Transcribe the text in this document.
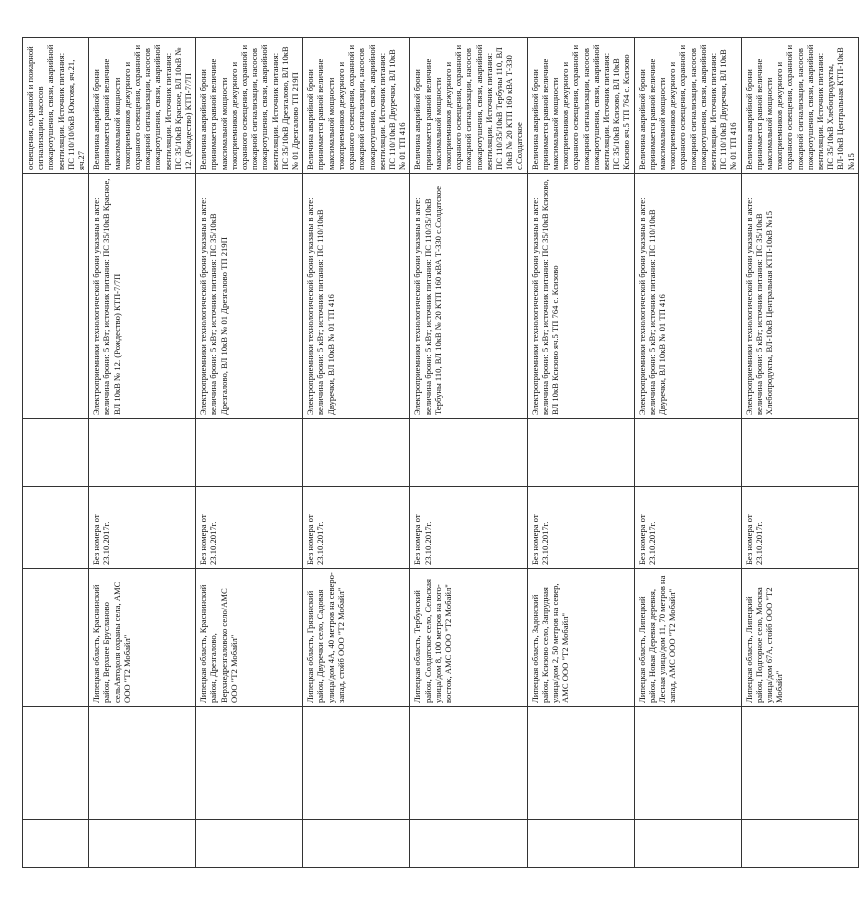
						освещения, охранной и пожарной сигнализации, насосов пожаротушения, связи, аварийной вентиляции. Источник питания: ПС 110/10/6кВ Юкговя, яч.21, яч.27
		Липецкая область, Краснинский район, Верхнее Брусланово сельАвтодоля охраны села, АМС ООО "Т2 Мобайл"	Без номера от 23.10.2017г.		Электроприемники технологической брони указаны в акте: величина брони: 5 кВт; источник питания: ПС 35/10кВ Красное, ВЛ 10кВ № 12. (Рождество) КТП-7/7П	Величина аварийной брони принимается равной величине максимальной мощности токоприемников дежурного и охранного освещения, охранной и пожарной сигнализации, насосов пожаротушения, связи, аварийной вентиляции. Источник питания: ПС 35/10кВ Красное, ВЛ 10кВ № 12. (Рождество) КТП-7/7П
		Липецкая область, Краснинский район, Дрезгалово, Верхнедрезгаловско село/АМС ООО "Т2 Мобайл"	Без номера от 23.10.2017г.		Электроприемники технологической брони указаны в акте: величина брони: 5 кВт; источник питания: ПС 35/10кВ Дрезгалово, ВЛ 10кВ № 01 Дрезгалово ТП 219П	Величина аварийной брони принимается равной величине максимальной мощности токоприемников дежурного и охранного освещения, охранной и пожарной сигнализации, насосов пожаротушения, связи, аварийной вентиляции. Источник питания: ПС 35/10кВ Дрезгалово, ВЛ 10кВ № 01 Дрезгалово ТП 219П
		Липецкая область, Грязинский район, Двуречки село, Садовая улица/дом 4А, 40 метров на северо-запад, стойб ООО "Т2 Мобайл"	Без номера от 23.10.2017г.		Электроприемники технологической брони указаны в акте: величина брони: 5 кВт; источник питания: ПС 110/10кВ Двуречки, ВЛ 10кВ № 01 ТП 416	Величина аварийной брони принимается равной величине максимальной мощности токоприемников дежурного и охранного освещения, охранной и пожарной сигнализации, насосов пожаротушения, связи, аварийной вентиляции. Источник питания: ПС 110/10кВ Двуречки, ВЛ 10кВ № 01 ТП 416
		Липецкая область, Тербунский район, Солдатское село, Сельская улица/дом 8, 100 метров на юго-восток, АМС ООО "Т2 Мобайл"	Без номера от 23.10.2017г.		Электроприемники технологической брони указаны в акте: величина брони: 5 кВт; источник питания: ПС 110/35/10кВ Тербуны 110, ВЛ 10кВ № 20 КТП 160 кВА Т-330 с.Солдатское	Величина аварийной брони принимается равной величине максимальной мощности токоприемников дежурного и охранного освещения, охранной и пожарной сигнализации, насосов пожаротушения, связи, аварийной вентиляции. Источник питания: ПС 110/35/10кВ Тербуны 110, ВЛ 10кВ № 20 КТП 160 кВА Т-330 с.Солдатское
		Липецкая область, Задонский район, Ксизово село, Запрудная улица/дом 2, 50 метров на север, АМС ООО "Т2 Мобайл"	Без номера от 23.10.2017г.		Электроприемники технологической брони указаны в акте: величина брони: 5 кВт; источник питания: ПС 35/10кВ Ксизово, ВЛ 10кВ Ксизово яч.5 ТП 764 с. Ксизово	Величина аварийной брони принимается равной величине максимальной мощности токоприемников дежурного и охранного освещения, охранной и пожарной сигнализации, насосов пожаротушения, связи, аварийной вентиляции. Источник питания: ПС 35/10кВ Ксизово, ВЛ 10кВ Ксизово яч.5 ТП 764 с. Ксизово
		Липецкая область, Липецкий район, Новая Деревня деревня, Лесная улица/дом 11, 70 метров на запад, АМС ООО "Т2 Мобайл"	Без номера от 23.10.2017г.		Электроприемники технологической брони указаны в акте: величина брони: 5 кВт; источник питания: ПС 110/10кВ Двуречки, ВЛ 10кВ № 01 ТП 416	Величина аварийной брони принимается равной величине максимальной мощности токоприемников дежурного и охранного освещения, охранной и пожарной сигнализации, насосов пожаротушения, связи, аварийной вентиляции. Источник питания: ПС 110/10кВ Двуречки, ВЛ 10кВ № 01 ТП 416
		Липецкая область, Липецкий район, Подгорное село, Москва улица/дом 67А, стойб ООО "Т2 Мобайл"	Без номера от 23.10.2017г.		Электроприемники технологической брони указаны в акте: величина брони: 5 кВт; источник питания: ПС 35/10кВ Хлебопродукты, ВЛ-10кВ Центральная КТП-10кВ №15	Величина аварийной брони принимается равной величине максимальной мощности токоприемников дежурного и охранного освещения, охранной и пожарной сигнализации, насосов пожаротушения, связи, аварийной вентиляции. Источник питания: ПС 35/10кВ Хлебопродукты, ВЛ-10кВ Центральная КТП-10кВ №15
